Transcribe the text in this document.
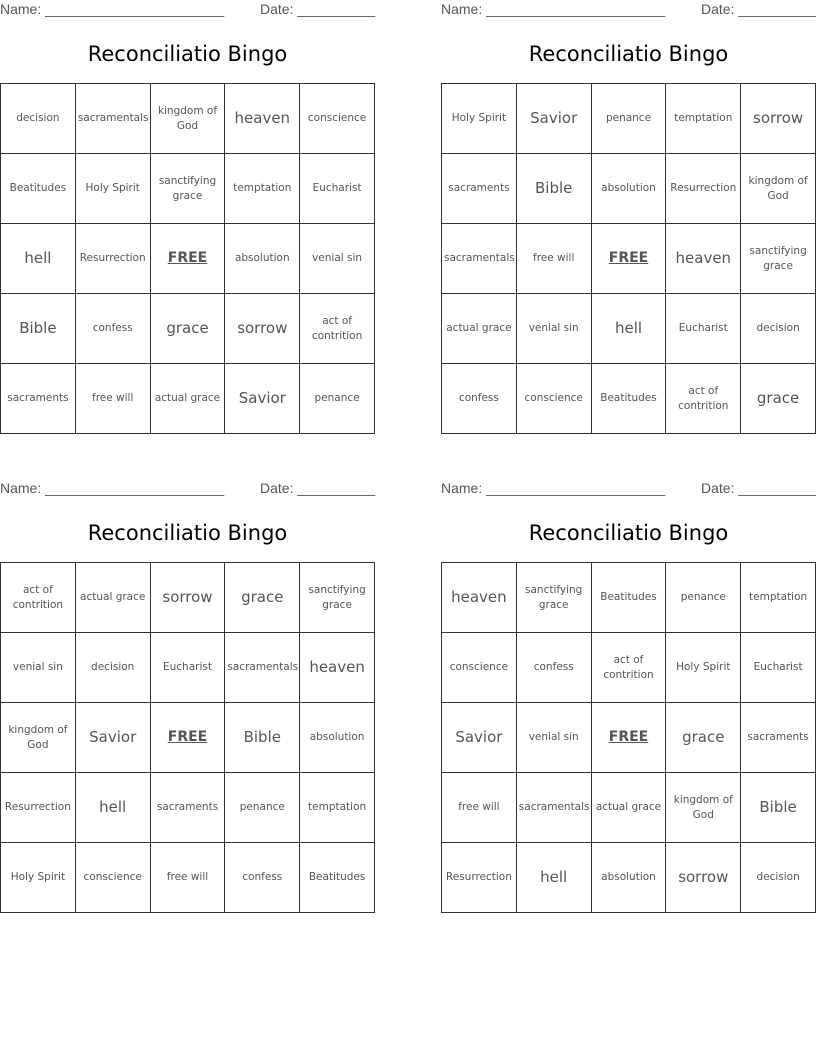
Name: _______________________	Date: __________
Reconciliatio Bingo
decision	sacramentals	kingdom of God	heaven	conscience
Beatitudes	Holy Spirit	sanctifying grace	temptation	Eucharist
hell	Resurrection	FREE	absolution	venial sin
Bible	confess	grace	sorrow	act of contrition
sacraments	free will	actual grace	Savior	penance
Name: _______________________	Date: __________
Reconciliatio Bingo
Holy Spirit	Savior	penance	temptation	sorrow
sacraments	Bible	absolution	Resurrection	kingdom of God
sacramentals	free will	FREE	heaven	sanctifying grace
actual grace	venial sin	hell	Eucharist	decision
confess	conscience	Beatitudes	act of contrition	grace
Name: _______________________	Date: __________
Reconciliatio Bingo
act of contrition	actual grace	sorrow	grace	sanctifying grace
venial sin	decision	Eucharist	sacramentals	heaven
kingdom of God	Savior	FREE	Bible	absolution
Resurrection	hell	sacraments	penance	temptation
Holy Spirit	conscience	free will	confess	Beatitudes
Name: _______________________	Date: __________
Reconciliatio Bingo
heaven	sanctifying grace	Beatitudes	penance	temptation
conscience	confess	act of contrition	Holy Spirit	Eucharist
Savior	venial sin	FREE	grace	sacraments
free will	sacramentals	actual grace	kingdom of God	Bible
Resurrection	hell	absolution	sorrow	decision
